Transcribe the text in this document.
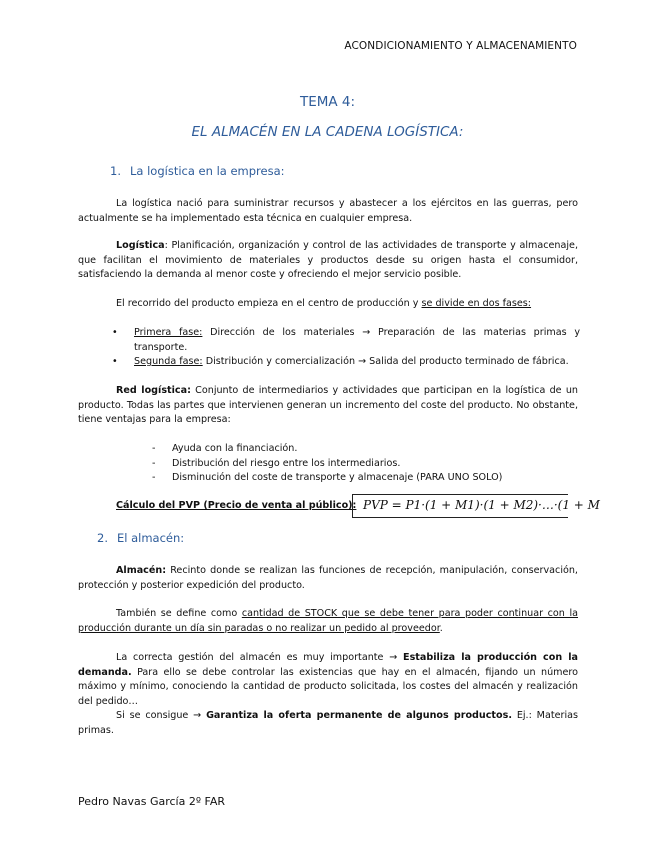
ACONDICIONAMIENTO Y ALMACENAMIENTO
TEMA 4:
EL ALMACÉN EN LA CADENA LOGÍSTICA:
1. La logística en la empresa:
La logística nació para suministrar recursos y abastecer a los ejércitos en las guerras, pero actualmente se ha implementado esta técnica en cualquier empresa.
Logística: Planificación, organización y control de las actividades de transporte y almacenaje, que facilitan el movimiento de materiales y productos desde su origen hasta el consumidor, satisfaciendo la demanda al menor coste y ofreciendo el mejor servicio posible.
El recorrido del producto empieza en el centro de producción y se divide en dos fases:
• Primera fase: Dirección de los materiales → Preparación de las materias primas y transporte.
• Segunda fase: Distribución y comercialización → Salida del producto terminado de fábrica.
Red logística: Conjunto de intermediarios y actividades que participan en la logística de un producto. Todas las partes que intervienen generan un incremento del coste del producto. No obstante, tiene ventajas para la empresa:
- Ayuda con la financiación.
- Distribución del riesgo entre los intermediarios.
- Disminución del coste de transporte y almacenaje (PARA UNO SOLO)
Cálculo del PVP (Precio de venta al público): PVP = P1·(1 + M1)·(1 + M2)·…·(1 + M
2. El almacén:
Almacén: Recinto donde se realizan las funciones de recepción, manipulación, conservación, protección y posterior expedición del producto.
También se define como cantidad de STOCK que se debe tener para poder continuar con la producción durante un día sin paradas o no realizar un pedido al proveedor.
La correcta gestión del almacén es muy importante → Estabiliza la producción con la demanda. Para ello se debe controlar las existencias que hay en el almacén, fijando un número máximo y mínimo, conociendo la cantidad de producto solicitada, los costes del almacén y realización del pedido…
Si se consigue → Garantiza la oferta permanente de algunos productos. Ej.: Materias primas.
Pedro Navas García 2º FAR
